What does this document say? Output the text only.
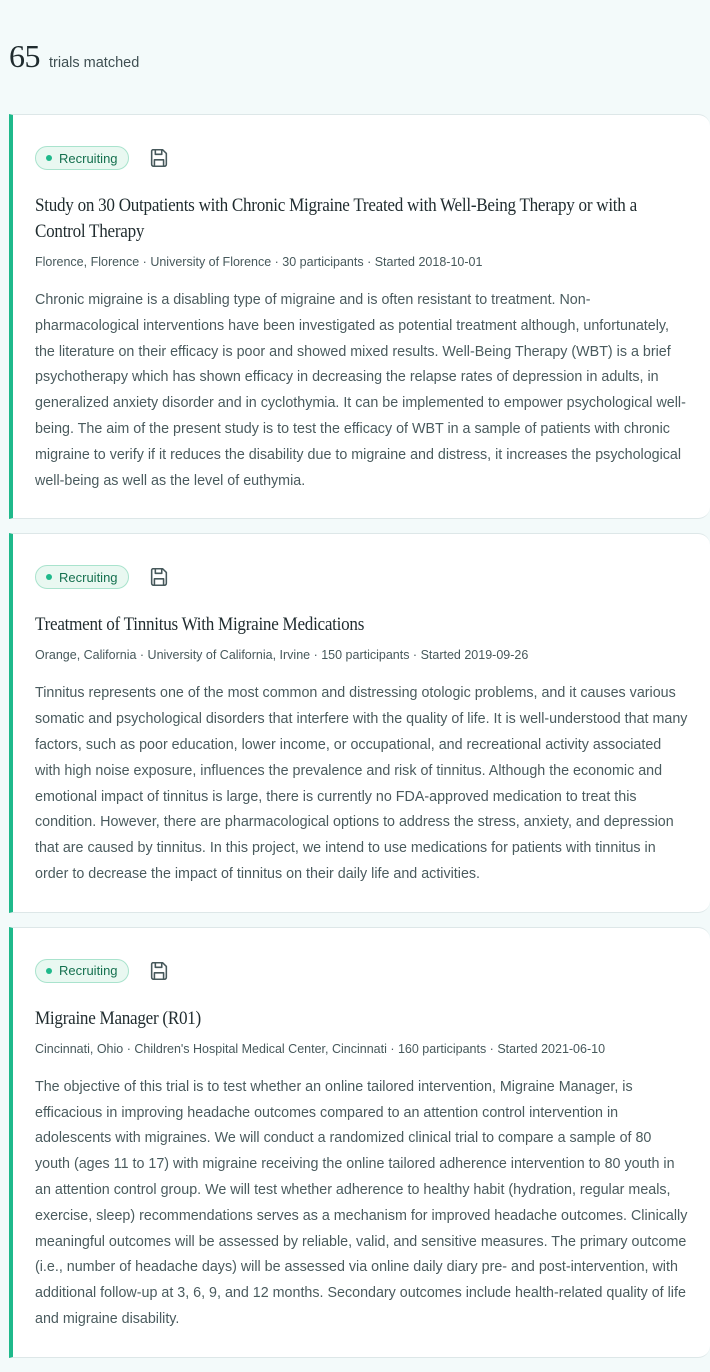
65 trials matched
Recruiting
Study on 30 Outpatients with Chronic Migraine Treated with Well-Being Therapy or with a Control Therapy
Florence, Florence · University of Florence · 30 participants · Started 2018-10-01
Chronic migraine is a disabling type of migraine and is often resistant to treatment. Non-pharmacological interventions have been investigated as potential treatment although, unfortunately, the literature on their efficacy is poor and showed mixed results. Well-Being Therapy (WBT) is a brief psychotherapy which has shown efficacy in decreasing the relapse rates of depression in adults, in generalized anxiety disorder and in cyclothymia. It can be implemented to empower psychological well-being. The aim of the present study is to test the efficacy of WBT in a sample of patients with chronic migraine to verify if it reduces the disability due to migraine and distress, it increases the psychological well-being as well as the level of euthymia.
Recruiting
Treatment of Tinnitus With Migraine Medications
Orange, California · University of California, Irvine · 150 participants · Started 2019-09-26
Tinnitus represents one of the most common and distressing otologic problems, and it causes various somatic and psychological disorders that interfere with the quality of life. It is well-understood that many factors, such as poor education, lower income, or occupational, and recreational activity associated with high noise exposure, influences the prevalence and risk of tinnitus. Although the economic and emotional impact of tinnitus is large, there is currently no FDA-approved medication to treat this condition. However, there are pharmacological options to address the stress, anxiety, and depression that are caused by tinnitus. In this project, we intend to use medications for patients with tinnitus in order to decrease the impact of tinnitus on their daily life and activities.
Recruiting
Migraine Manager (R01)
Cincinnati, Ohio · Children's Hospital Medical Center, Cincinnati · 160 participants · Started 2021-06-10
The objective of this trial is to test whether an online tailored intervention, Migraine Manager, is efficacious in improving headache outcomes compared to an attention control intervention in adolescents with migraines. We will conduct a randomized clinical trial to compare a sample of 80 youth (ages 11 to 17) with migraine receiving the online tailored adherence intervention to 80 youth in an attention control group. We will test whether adherence to healthy habit (hydration, regular meals, exercise, sleep) recommendations serves as a mechanism for improved headache outcomes. Clinically meaningful outcomes will be assessed by reliable, valid, and sensitive measures. The primary outcome (i.e., number of headache days) will be assessed via online daily diary pre- and post-intervention, with additional follow-up at 3, 6, 9, and 12 months. Secondary outcomes include health-related quality of life and migraine disability.
